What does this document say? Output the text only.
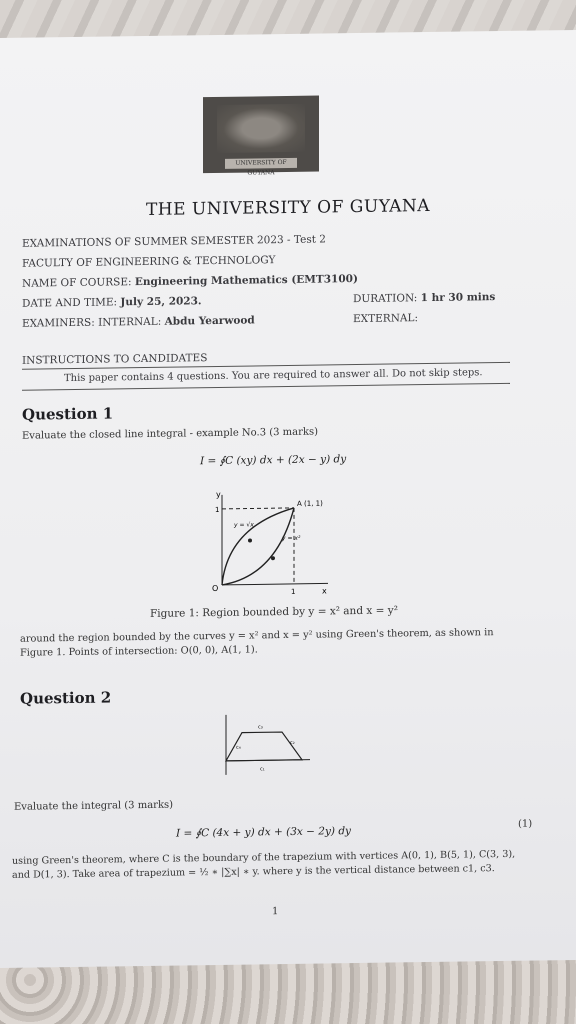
UNIVERSITY OF GUYANA
THE UNIVERSITY OF GUYANA
EXAMINATIONS OF SUMMER SEMESTER 2023 - Test 2
FACULTY OF ENGINEERING & TECHNOLOGY
NAME OF COURSE: Engineering Mathematics (EMT3100)
DATE AND TIME: July 25, 2023.	DURATION: 1 hr 30 mins
EXAMINERS: INTERNAL: Abdu Yearwood	EXTERNAL:
INSTRUCTIONS TO CANDIDATES
This paper contains 4 questions. You are required to answer all. Do not skip steps.
Question 1
Evaluate the closed line integral - example No.3 (3 marks)
I = ∮C (xy) dx + (2x − y) dy
y
x
O
1
1
A (1, 1)
y = √x
y = x²
Figure 1: Region bounded by y = x² and x = y²
around the region bounded by the curves y = x² and x = y² using Green's theorem, as shown in
Figure 1. Points of intersection: O(0, 0), A(1, 1).
Question 2
c₃
c₄
c₂
c₁
Evaluate the integral (3 marks)
I = ∮C (4x + y) dx + (3x − 2y) dy
(1)
using Green's theorem, where C is the boundary of the trapezium with vertices A(0, 1), B(5, 1), C(3, 3),
and D(1, 3). Take area of trapezium = ½ ∗ |∑x| ∗ y. where y is the vertical distance between c1, c3.
1
